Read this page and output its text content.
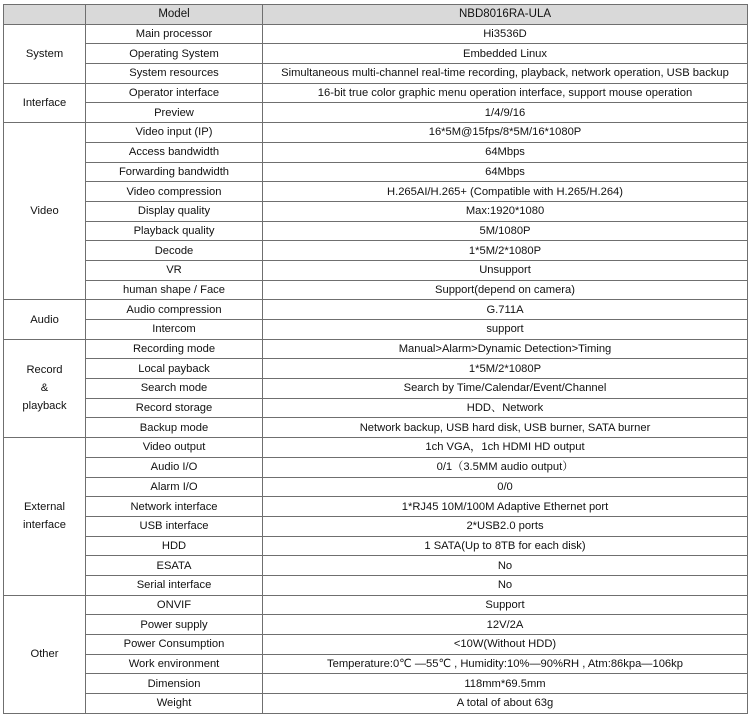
	Model	NBD8016RA-ULA
System	Main processor	Hi3536D
	Operating System	Embedded Linux
	System resources	Simultaneous multi-channel real-time recording, playback, network operation, USB backup
Interface	Operator interface	16-bit true color graphic menu operation interface, support mouse operation
	Preview	1/4/9/16
Video	Video input (IP)	16*5M@15fps/8*5M/16*1080P
	Access bandwidth	64Mbps
	Forwarding bandwidth	64Mbps
	Video compression	H.265AI/H.265+ (Compatible with H.265/H.264)
	Display quality	Max:1920*1080
	Playback quality	5M/1080P
	Decode	1*5M/2*1080P
	VR	Unsupport
	human shape / Face	Support(depend on camera)
Audio	Audio compression	G.711A
	Intercom	support
Record
&
playback	Recording mode	Manual>Alarm>Dynamic Detection>Timing
	Local payback	1*5M/2*1080P
	Search mode	Search by Time/Calendar/Event/Channel
	Record storage	HDD、Network
	Backup mode	Network backup, USB hard disk, USB burner, SATA burner
External
interface	Video output	1ch VGA，1ch HDMI HD output
	Audio I/O	0/1（3.5MM audio output）
	Alarm I/O	0/0
	Network interface	1*RJ45 10M/100M Adaptive Ethernet port
	USB interface	2*USB2.0 ports
	HDD	1 SATA(Up to 8TB for each disk)
	ESATA	No
	Serial interface	No
Other	ONVIF	Support
	Power supply	12V/2A
	Power Consumption	<10W(Without HDD)
	Work environment	Temperature:0℃ —55℃ , Humidity:10%—90%RH , Atm:86kpa—106kp
	Dimension	118mm*69.5mm
	Weight	A total of about 63g
